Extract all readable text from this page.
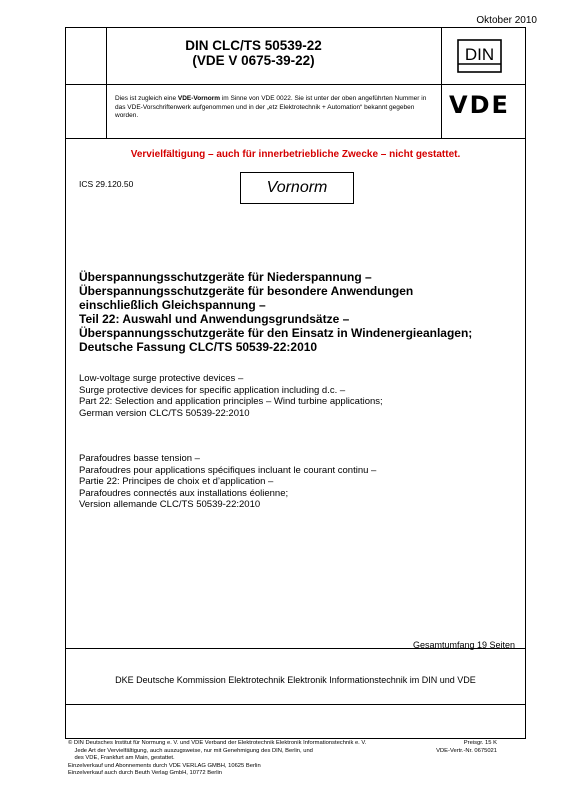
Oktober 2010
DIN CLC/TS 50539-22
(VDE V 0675-39-22)	DIN
Dies ist zugleich eine VDE-Vornorm im Sinne von VDE 0022. Sie ist unter der oben angeführten Nummer in das VDE-Vorschriftenwerk aufgenommen und in der „etz Elektrotechnik + Automation“ bekannt gegeben worden.	VDE
Vervielfältigung – auch für innerbetriebliche Zwecke – nicht gestattet.
ICS 29.120.50	Vornorm
Überspannungsschutzgeräte für Niederspannung –
Überspannungsschutzgeräte für besondere Anwendungen
einschließlich Gleichspannung –
Teil 22: Auswahl und Anwendungsgrundsätze –
Überspannungsschutzgeräte für den Einsatz in Windenergieanlagen;
Deutsche Fassung CLC/TS 50539-22:2010
Low-voltage surge protective devices –
Surge protective devices for specific application including d.c. –
Part 22: Selection and application principles – Wind turbine applications;
German version CLC/TS 50539-22:2010
Parafoudres basse tension –
Parafoudres pour applications spécifiques incluant le courant continu –
Partie 22: Principes de choix et d’application –
Parafoudres connectés aux installations éolienne;
Version allemande CLC/TS 50539-22:2010
Gesamtumfang 19 Seiten
DKE Deutsche Kommission Elektrotechnik Elektronik Informationstechnik im DIN und VDE
© DIN Deutsches Institut für Normung e. V. und VDE Verband der Elektrotechnik Elektronik Informationstechnik e. V.
Jede Art der Vervielfältigung, auch auszugsweise, nur mit Genehmigung des DIN, Berlin, und
des VDE, Frankfurt am Main, gestattet.
Einzelverkauf und Abonnements durch VDE VERLAG GMBH, 10625 Berlin
Einzelverkauf auch durch Beuth Verlag GmbH, 10772 Berlin
Preisgr. 15 K
VDE-Vertr.-Nr. 0675021
